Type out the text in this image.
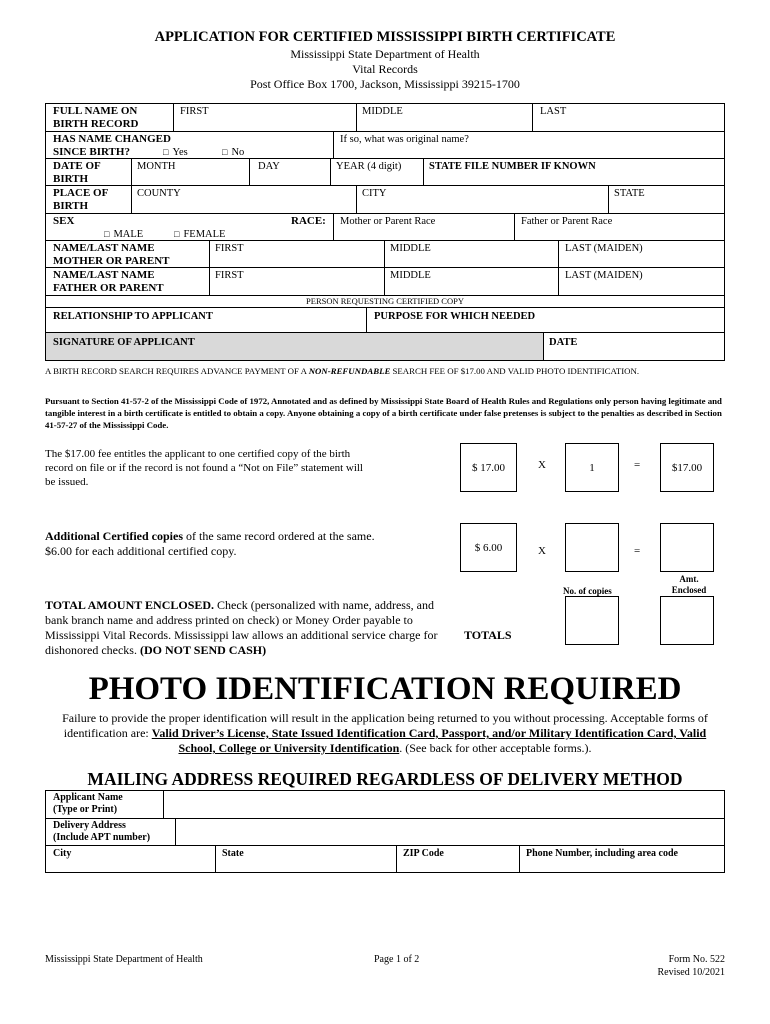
APPLICATION FOR CERTIFIED MISSISSIPPI BIRTH CERTIFICATE
Mississippi State Department of Health
Vital Records
Post Office Box 1700, Jackson, Mississippi 39215-1700
FULL NAME ON
BIRTH RECORD
FIRST	MIDDLE	LAST
HAS NAME CHANGED
SINCE BIRTH?	□ Yes	□ No
If so, what was original name?
DATE OF
BIRTH
MONTH	DAY	YEAR (4 digit)	STATE FILE NUMBER IF KNOWN
PLACE OF
BIRTH
COUNTY	CITY	STATE
SEX
□ MALE	□ FEMALE
RACE: Mother or Parent Race	Father or Parent Race
NAME/LAST NAME
MOTHER OR PARENT
FIRST	MIDDLE	LAST (MAIDEN)
NAME/LAST NAME
FATHER OR PARENT
FIRST	MIDDLE	LAST (MAIDEN)
PERSON REQUESTING CERTIFIED COPY
RELATIONSHIP TO APPLICANT	PURPOSE FOR WHICH NEEDED
SIGNATURE OF APPLICANT	DATE
A BIRTH RECORD SEARCH REQUIRES ADVANCE PAYMENT OF A NON-REFUNDABLE SEARCH FEE OF $17.00 AND VALID PHOTO IDENTIFICATION.
Pursuant to Section 41-57-2 of the Mississippi Code of 1972, Annotated and as defined by Mississippi State Board of Health Rules and Regulations only person having legitimate and tangible interest in a birth certificate is entitled to obtain a copy. Anyone obtaining a copy of a birth certificate under false pretenses is subject to the penalties as described in Section 41-57-27 of the Mississippi Code.
The $17.00 fee entitles the applicant to one certified copy of the birth record on file or if the record is not found a “Not on File” statement will be issued.
$ 17.00	X	1	=	$17.00
Additional Certified copies of the same record ordered at the same.
$6.00 for each additional certified copy.	$ 6.00	X	=
No. of copies
Amt. Enclosed
TOTAL AMOUNT ENCLOSED. Check (personalized with name, address, and bank branch name and address printed on check) or Money Order payable to Mississippi Vital Records. Mississippi law allows an additional service charge for dishonored checks. (DO NOT SEND CASH)
TOTALS
PHOTO IDENTIFICATION REQUIRED
Failure to provide the proper identification will result in the application being returned to you without processing. Acceptable forms of identification are: Valid Driver’s License, State Issued Identification Card, Passport, and/or Military Identification Card, Valid School, College or University Identification. (See back for other acceptable forms.).
MAILING ADDRESS REQUIRED REGARDLESS OF DELIVERY METHOD
Applicant Name
(Type or Print)
Delivery Address
(Include APT number)
City	State	ZIP Code	Phone Number, including area code
Mississippi State Department of Health	Page 1 of 2	Form No. 522
Revised 10/2021
